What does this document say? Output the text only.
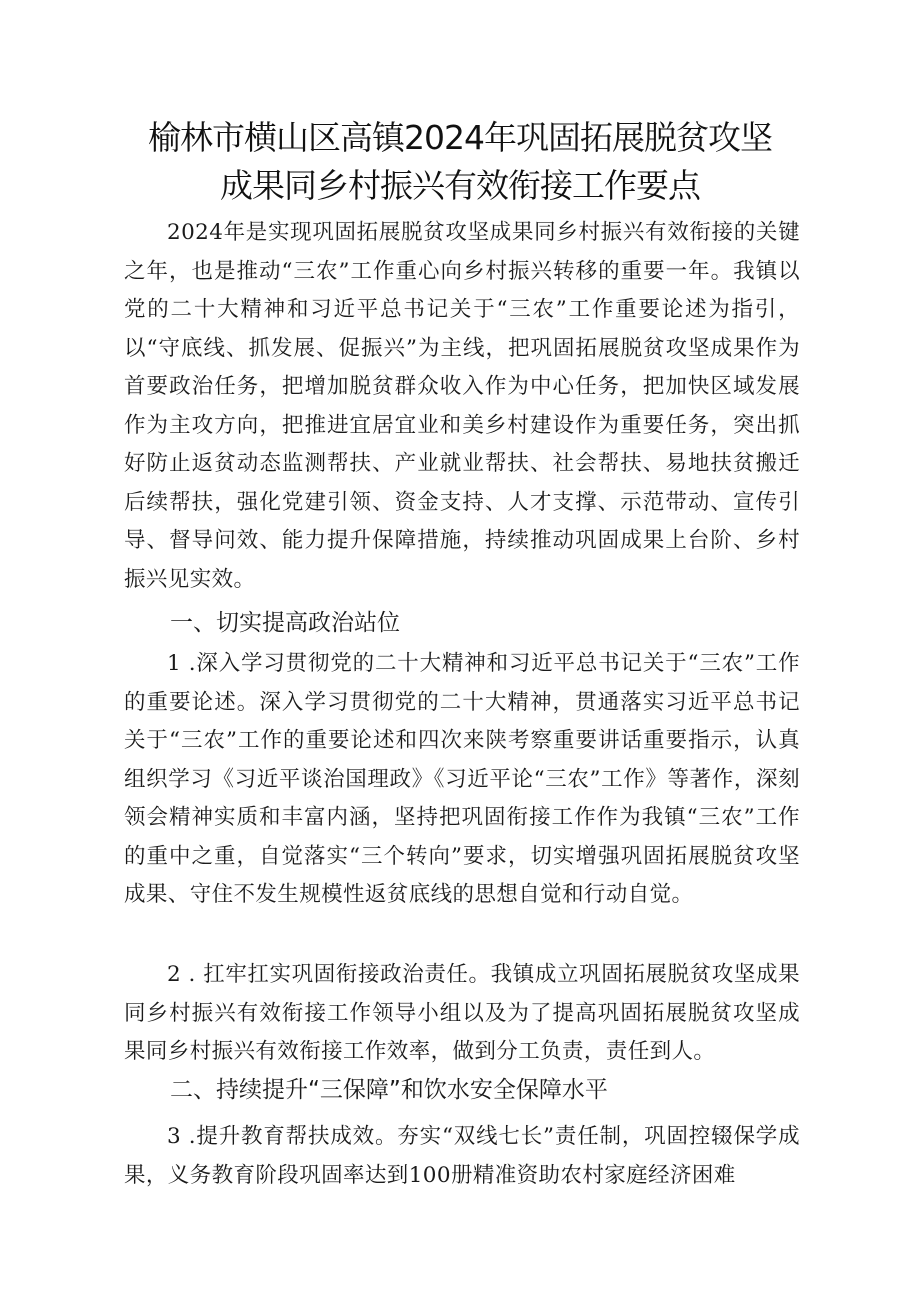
榆林市横山区高镇2024年巩固拓展脱贫攻坚
成果同乡村振兴有效衔接工作要点

2024年是实现巩固拓展脱贫攻坚成果同乡村振兴有效衔接的关键之年，也是推动“三农”工作重心向乡村振兴转移的重要一年。我镇以党的二十大精神和习近平总书记关于“三农”工作重要论述为指引，以“守底线、抓发展、促振兴”为主线，把巩固拓展脱贫攻坚成果作为首要政治任务，把增加脱贫群众收入作为中心任务，把加快区域发展作为主攻方向，把推进宜居宜业和美乡村建设作为重要任务，突出抓好防止返贫动态监测帮扶、产业就业帮扶、社会帮扶、易地扶贫搬迁后续帮扶，强化党建引领、资金支持、人才支撑、示范带动、宣传引导、督导问效、能力提升保障措施，持续推动巩固成果上台阶、乡村振兴见实效。

一、切实提高政治站位

1 .深入学习贯彻党的二十大精神和习近平总书记关于“三农”工作的重要论述。深入学习贯彻党的二十大精神，贯通落实习近平总书记关于“三农”工作的重要论述和四次来陕考察重要讲话重要指示，认真组织学习《习近平谈治国理政》《习近平论“三农”工作》等著作，深刻领会精神实质和丰富内涵，坚持把巩固衔接工作作为我镇“三农”工作的重中之重，自觉落实“三个转向”要求，切实增强巩固拓展脱贫攻坚成果、守住不发生规模性返贫底线的思想自觉和行动自觉。

2 . 扛牢扛实巩固衔接政治责任。我镇成立巩固拓展脱贫攻坚成果同乡村振兴有效衔接工作领导小组以及为了提高巩固拓展脱贫攻坚成果同乡村振兴有效衔接工作效率，做到分工负责，责任到人。

二、持续提升“三保障”和饮水安全保障水平

3 .提升教育帮扶成效。夯实“双线七长”责任制，巩固控辍保学成果，义务教育阶段巩固率达到100册精准资助农村家庭经济困难
